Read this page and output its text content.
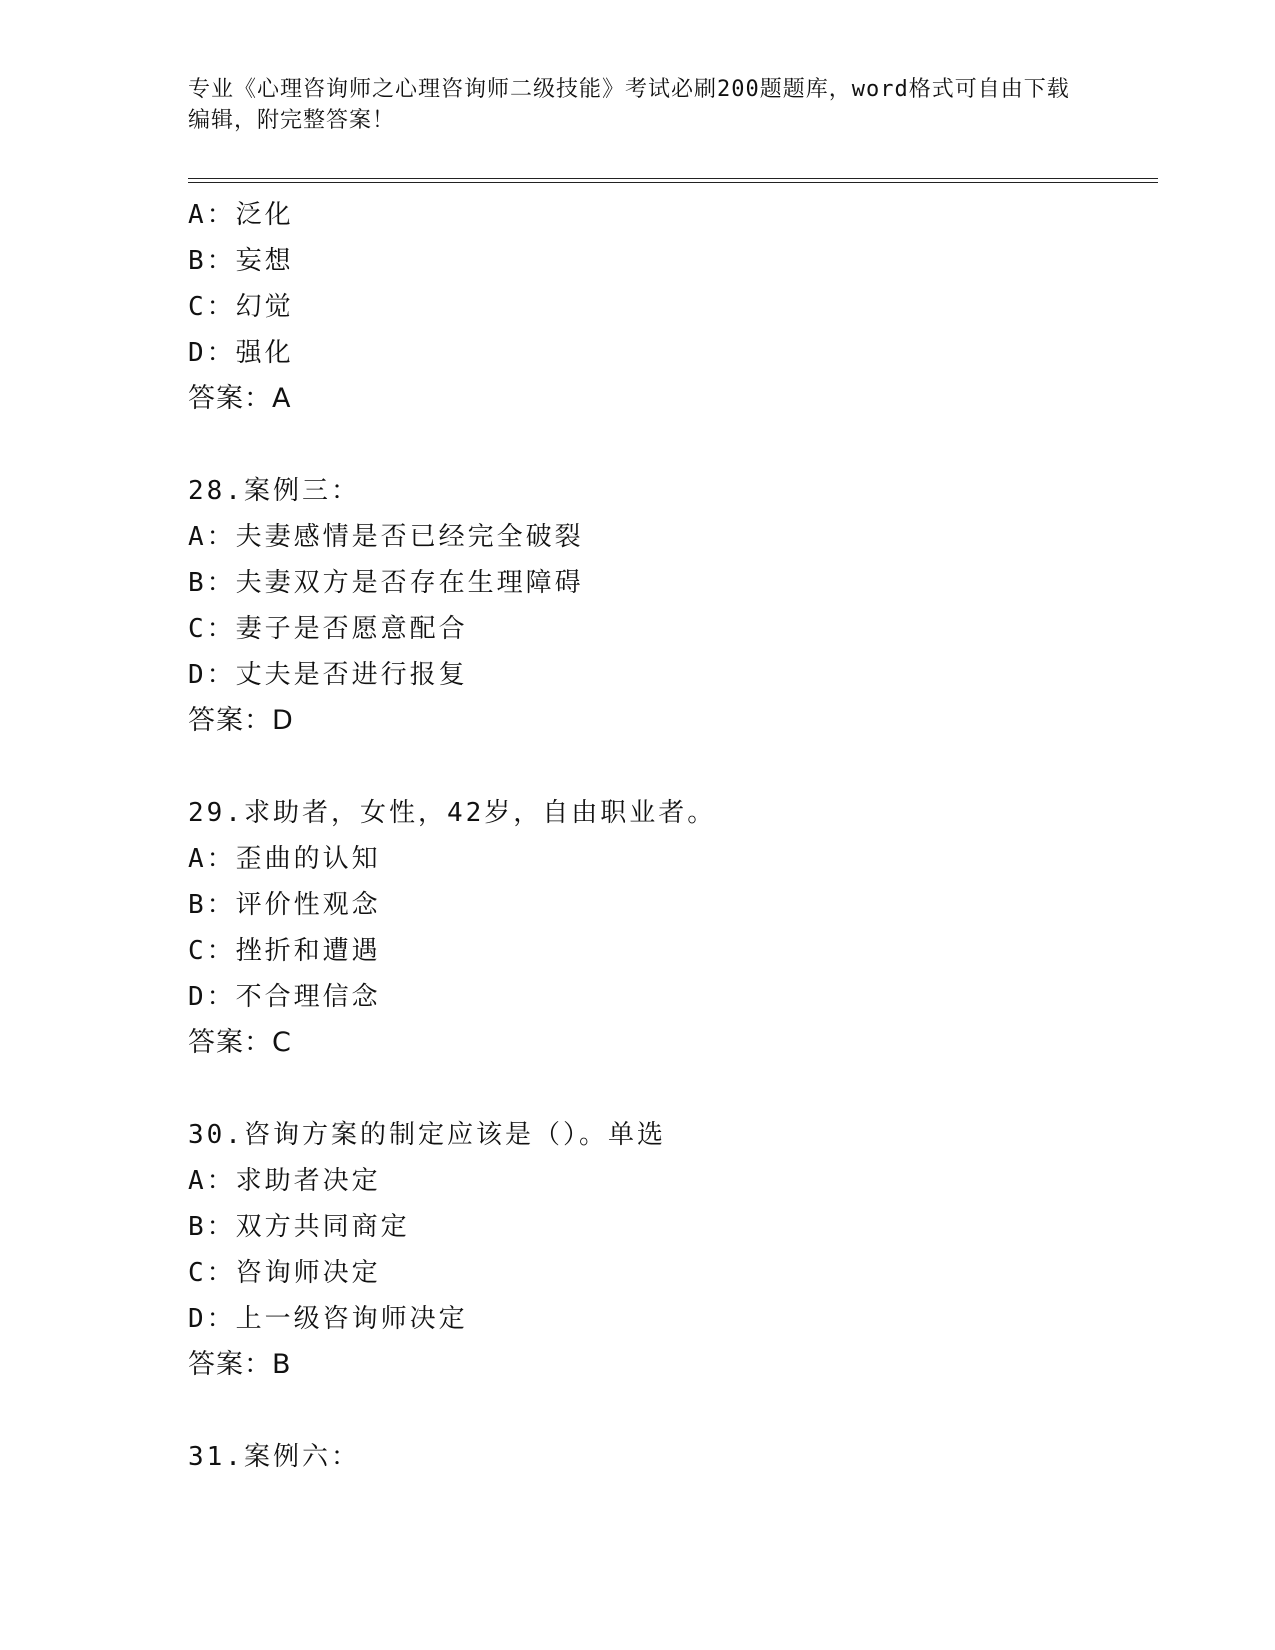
专业《心理咨询师之心理咨询师二级技能》考试必刷200题题库，word格式可自由下载编辑，附完整答案！
A：泛化
B：妄想
C：幻觉
D：强化
答案：A
28.案例三：
A：夫妻感情是否已经完全破裂
B：夫妻双方是否存在生理障碍
C：妻子是否愿意配合
D：丈夫是否进行报复
答案：D
29.求助者，女性，42岁，自由职业者。
A：歪曲的认知
B：评价性观念
C：挫折和遭遇
D：不合理信念
答案：C
30.咨询方案的制定应该是（）。单选
A：求助者决定
B：双方共同商定
C：咨询师决定
D：上一级咨询师决定
答案：B
31.案例六：
